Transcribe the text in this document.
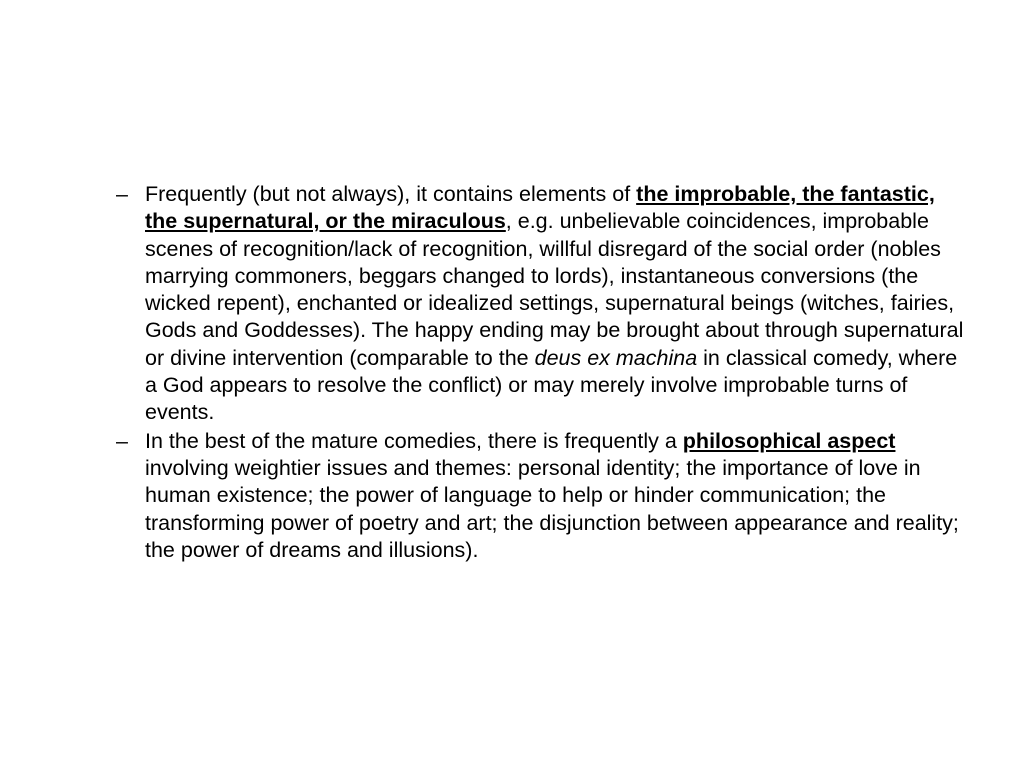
– Frequently (but not always), it contains elements of the improbable, the fantastic, the supernatural, or the miraculous, e.g. unbelievable coincidences, improbable scenes of recognition/lack of recognition, willful disregard of the social order (nobles marrying commoners, beggars changed to lords), instantaneous conversions (the wicked repent), enchanted or idealized settings, supernatural beings (witches, fairies, Gods and Goddesses). The happy ending may be brought about through supernatural or divine intervention (comparable to the deus ex machina in classical comedy, where a God appears to resolve the conflict) or may merely involve improbable turns of events.
– In the best of the mature comedies, there is frequently a philosophical aspect involving weightier issues and themes: personal identity; the importance of love in human existence; the power of language to help or hinder communication; the transforming power of poetry and art; the disjunction between appearance and reality; the power of dreams and illusions).
